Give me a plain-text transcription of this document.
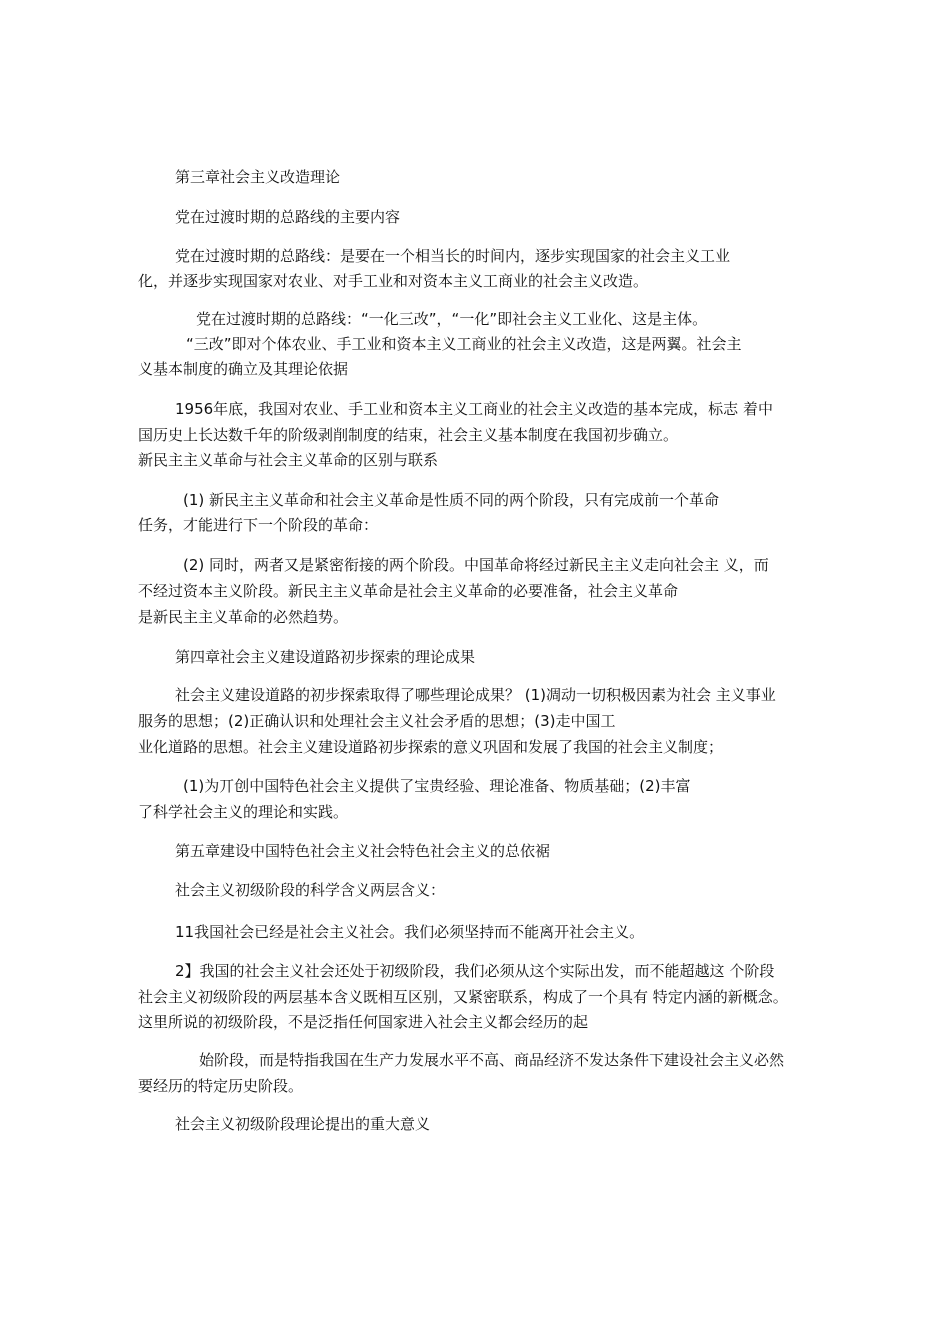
第三章社会主义改造理论
党在过渡时期的总路线的主要内容
党在过渡时期的总路线：是要在一个相当长的时间内，逐步实现国家的社会主义工业
化，并逐步实现国家对农业、对手工业和对资本主义工商业的社会主义改造。
党在过渡时期的总路线：“一化三改”，“一化”即社会主义工业化、这是主体。
“三改”即对个体农业、手工业和资本主义工商业的社会主义改造，这是两翼。社会主
义基本制度的确立及其理论依据
1956年底，我国对农业、手工业和资本主义工商业的社会主义改造的基本完成，标志 着中
国历史上长达数千年的阶级剥削制度的结束，社会主义基本制度在我国初步确立。
新民主主义革命与社会主义革命的区别与联系
(1) 新民主主义革命和社会主义革命是性质不同的两个阶段，只有完成前一个革命
任务，才能进行下一个阶段的革命：
(2) 同时，两者又是紧密衔接的两个阶段。中国革命将经过新民主主义走向社会主 义，而
不经过资本主义阶段。新民主主义革命是社会主义革命的必要准备，社会主义革命
是新民主主义革命的必然趋势。
第四章社会主义建设道路初步探索的理论成果
社会主义建设道路的初步探索取得了哪些理论成果？ (1)凋动一切积极因素为社会 主义事业
服务的思想；(2)正确认识和处理社会主义社会矛盾的思想；(3)走中国工
业化道路的思想。社会主义建设道路初步探索的意义巩固和发展了我国的社会主义制度；
(1)为丌创中国特色社会主义提供了宝贵经验、理论准备、物质基础；(2)丰富
了科学社会主义的理论和实践。
第五章建设中国特色社会主义社会特色社会主义的总依裾
社会主义初级阶段的科学含义两层含义：
11我国社会已经是社会主义社会。我们必须坚持而不能离开社会主义。
2】我国的社会主义社会还处于初级阶段，我们必须从这个实际出发，而不能超越这 个阶段
社会主义初级阶段的两层基本含义既相互区别，又紧密联系，构成了一个具有 特定内涵的新概念。
这里所说的初级阶段，不是泛指任何国家进入社会主义都会经历的起
始阶段，而是特指我国在生产力发展水平不高、商品经济不发达条件下建设社会主义必然
要经历的特定历史阶段。
社会主义初级阶段理论提出的重大意义
